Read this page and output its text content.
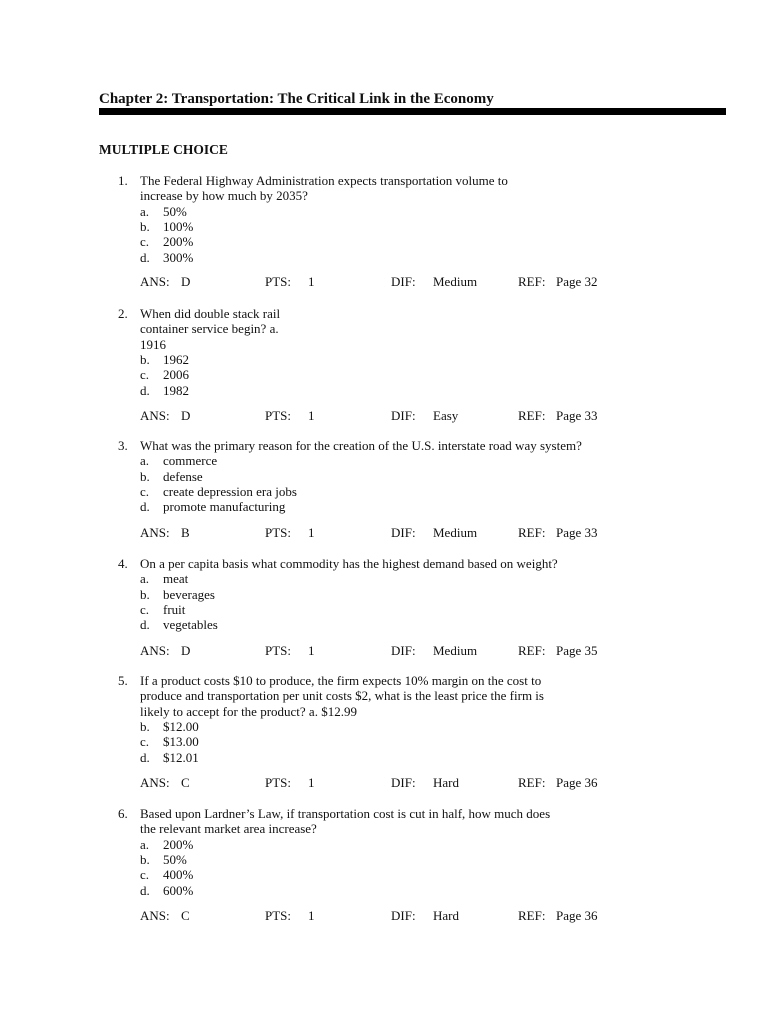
Chapter 2: Transportation: The Critical Link in the Economy
MULTIPLE CHOICE
1. The Federal Highway Administration expects transportation volume to
increase by how much by 2035?
a. 50%
b. 100%
c. 200%
d. 300%
ANS: D	PTS: 1	DIF: Medium	REF: Page 32
2. When did double stack rail
container service begin? a.
1916
b. 1962
c. 2006
d. 1982
ANS: D	PTS: 1	DIF: Easy	REF: Page 33
3. What was the primary reason for the creation of the U.S. interstate road way system?
a. commerce
b. defense
c. create depression era jobs
d. promote manufacturing
ANS: B	PTS: 1	DIF: Medium	REF: Page 33
4. On a per capita basis what commodity has the highest demand based on weight?
a. meat
b. beverages
c. fruit
d. vegetables
ANS: D	PTS: 1	DIF: Medium	REF: Page 35
5. If a product costs $10 to produce, the firm expects 10% margin on the cost to
produce and transportation per unit costs $2, what is the least price the firm is
likely to accept for the product? a. $12.99
b. $12.00
c. $13.00
d. $12.01
ANS: C	PTS: 1	DIF: Hard	REF: Page 36
6. Based upon Lardner’s Law, if transportation cost is cut in half, how much does
the relevant market area increase?
a. 200%
b. 50%
c. 400%
d. 600%
ANS: C	PTS: 1	DIF: Hard	REF: Page 36
